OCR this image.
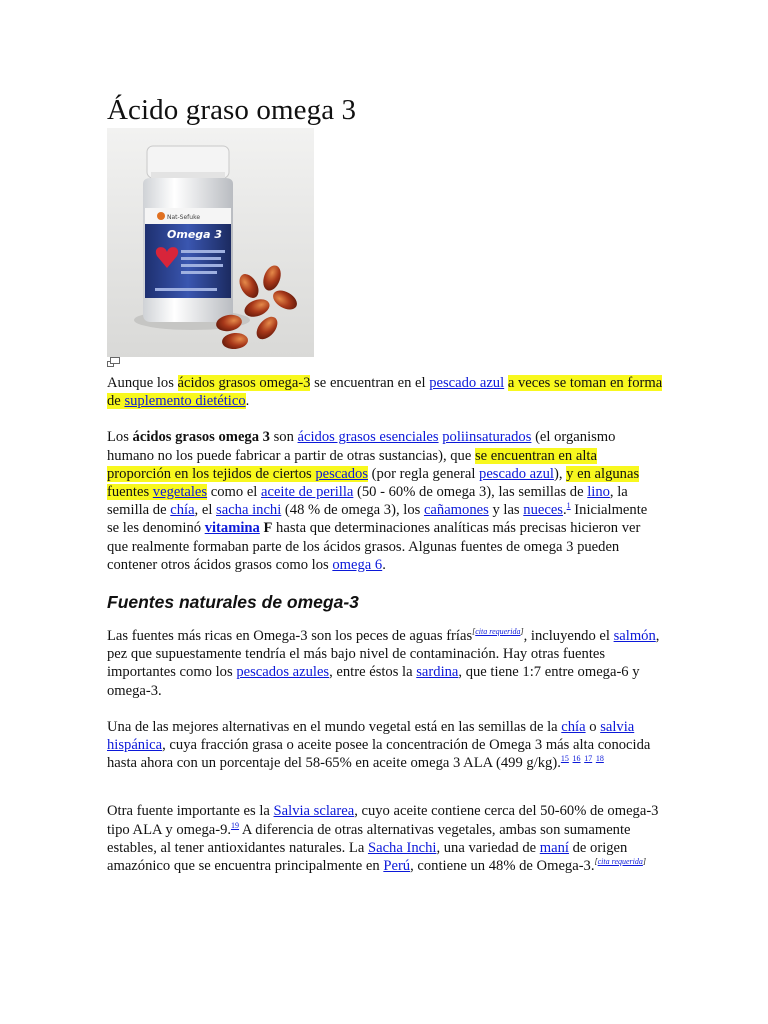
Ácido graso omega 3
Nat-Sefuke
Omega 3

Aunque los ácidos grasos omega-3 se encuentran en el pescado azul a veces se toman en forma de suplemento dietético.

Los ácidos grasos omega 3 son ácidos grasos esenciales poliinsaturados (el organismo humano no los puede fabricar a partir de otras sustancias), que se encuentran en alta proporción en los tejidos de ciertos pescados (por regla general pescado azul), y en algunas fuentes vegetales como el aceite de perilla (50 - 60% de omega 3), las semillas de lino, la semilla de chía, el sacha inchi (48 % de omega 3), los cañamones y las nueces.$^1$ Inicialmente se les denominó vitamina F hasta que determinaciones analíticas más precisas hicieron ver que realmente formaban parte de los ácidos grasos. Algunas fuentes de omega 3 pueden contener otros ácidos grasos como los omega 6.

Fuentes naturales de omega-3

Las fuentes más ricas en Omega-3 son los peces de aguas frías[cita requerida], incluyendo el salmón, pez que supuestamente tendría el más bajo nivel de contaminación. Hay otras fuentes importantes como los pescados azules, entre éstos la sardina, que tiene 1:7 entre omega-6 y omega-3.

Una de las mejores alternativas en el mundo vegetal está en las semillas de la chía o salvia hispánica, cuya fracción grasa o aceite posee la concentración de Omega 3 más alta conocida hasta ahora con un porcentaje del 58-65% en aceite omega 3 ALA (499 g/kg).$^{15}$ $^{16}$ $^{17}$ $^{18}$

Otra fuente importante es la Salvia sclarea, cuyo aceite contiene cerca del 50-60% de omega-3 tipo ALA y omega-9.19 A diferencia de otras alternativas vegetales, ambas son sumamente estables, al tener antioxidantes naturales. La Sacha Inchi, una variedad de maní de origen amazónico que se encuentra principalmente en Perú, contiene un 48% de Omega-3.[cita requerida]
